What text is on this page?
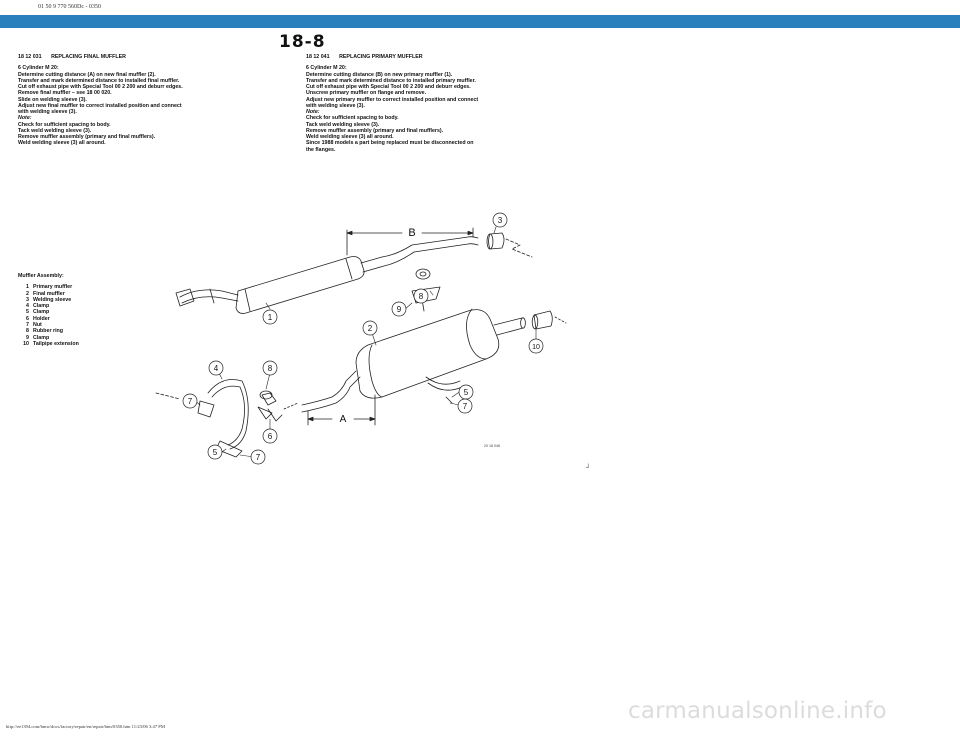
01 50 9 770 560Dc - 0350
18-8
18 12 031 REPLACING FINAL MUFFLER
6 Cylinder M 20:
Determine cutting distance (A) on new final muffler (2).
Transfer and mark determined distance to installed final muffler.
Cut off exhaust pipe with Special Tool 00 2 200 and deburr edges.
Remove final muffler – see 18 00 020.
Slide on welding sleeve (3).
Adjust new final muffler to correct installed position and connect
with welding sleeve (3).
Note:
Check for sufficient spacing to body.
Tack weld welding sleeve (3).
Remove muffler assembly (primary and final mufflers).
Weld welding sleeve (3) all around.
18 12 041 REPLACING PRIMARY MUFFLER
6 Cylinder M 20:
Determine cutting distance (B) on new primary muffler (1).
Transfer and mark determined distance to installed primary muffler.
Cut off exhaust pipe with Special Tool 00 2 200 and deburr edges.
Unscrew primary muffler on flange and remove.
Adjust new primary muffler to correct installed position and connect
with welding sleeve (3).
Note:
Check for sufficient spacing to body.
Tack weld welding sleeve (3).
Remove muffler assembly (primary and final mufflers).
Weld welding sleeve (3) all around.
Since 1988 models a part being replaced must be disconnected on
the flanges.
Muffler Assembly:
1 Primary muffler
2 Final muffler
3 Welding sleeve
4 Clamp
5 Clamp
6 Holder
7 Nut
8 Rubber ring
9 Clamp
10 Tailpipe extension
B
A
1
2
3
4
5
7
8
9
8
10
7
6
5
7
20 18 046
┘
http://ee1394.com/bmw/docs/factory/repair/en/repair/bim/0350.htm 11/23/06 3:47 PM
carmanualsonline.info
